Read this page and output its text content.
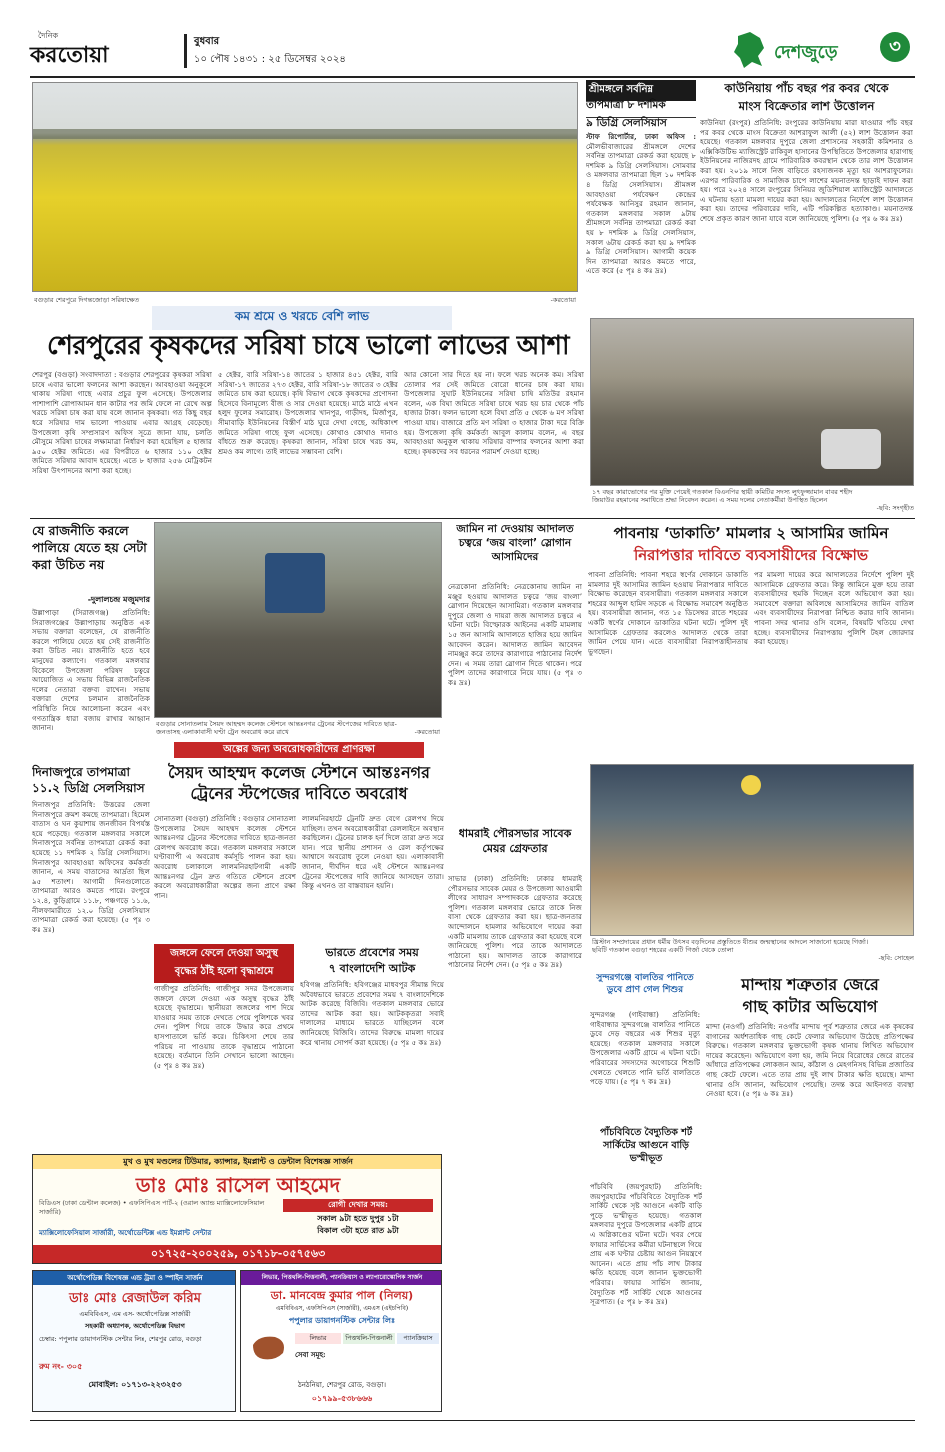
দৈনিক
করতোয়া
বুধবার
১০ পৌষ ১৪৩১ : ২৫ ডিসেম্বর ২০২৪	দেশজুড়ে	৩
বগুড়ার শেরপুরে দিগন্তজোড়া সরিষাক্ষেত	-করতোয়া
শ্রীমঙ্গলে সর্বনিম্ন
তাপমাত্রা ৮ দশমিক
৯ ডিগ্রি সেলসিয়াস
স্টাফ রিপোর্টার, ঢাকা অফিস : মৌলভীবাজারের শ্রীমঙ্গলে দেশের সর্বনিম্ন তাপমাত্রা রেকর্ড করা হয়েছে ৮ দশমিক ৯ ডিগ্রি সেলসিয়াস। সোমবার ও মঙ্গলবার তাপমাত্রা ছিল ১০ দশমিক ৪ ডিগ্রি সেলসিয়াস। শ্রীমঙ্গল আবহাওয়া পর্যবেক্ষণ কেন্দ্রের পর্যবেক্ষক আনিসুর রহমান জানান, গতকাল মঙ্গলবার সকাল ৯টায় শ্রীমঙ্গলে সর্বনিম্ন তাপমাত্রা রেকর্ড করা হয় ৮ দশমিক ৯ ডিগ্রি সেলসিয়াস, সকাল ৬টায় রেকর্ড করা হয় ৯ দশমিক ৯ ডিগ্রি সেলসিয়াস। আগামী কয়েক দিন তাপমাত্রা আরও কমতে পারে, এতে করে (৫ পৃঃ ৪ কঃ দ্রঃ)
কাউনিয়ায় পাঁচ বছর পর কবর থেকে
মাংস বিক্রেতার লাশ উত্তোলন
কাউনিয়া (রংপুর) প্রতিনিধি: রংপুরের কাউনিয়ায় মারা যাওয়ার পাঁচ বছর পর কবর থেকে মাংস বিক্রেতা আশরাফুল আলী (৫২) লাশ উত্তোলন করা হয়েছে। গতকাল মঙ্গলবার দুপুরে জেলা প্রশাসনের সহকারী কমিশনার ও এক্সিকিউটিভ ম্যাজিস্ট্রেট রাকিবুল হাসানের উপস্থিতিতে উপজেলার হারাগাছ ইউনিয়নের নাজিরদহ গ্রামে পারিবারিক কবরস্থান থেকে তার লাশ উত্তোলন করা হয়। ২০১৯ সালে নিজ বাড়িতে রহস্যজনক মৃত্যু হয় আশরাফুলের। এরপর পারিবারিক ও সামাজিক চাপে লাশের ময়নাতদন্ত ছাড়াই দাফন করা হয়। পরে ২০২৪ সালে রংপুরের সিনিয়র জুডিশিয়াল ম্যাজিস্ট্রেট আদালতে এ ঘটনায় হত্যা মামলা দায়ের করা হয়। আদালতের নির্দেশে লাশ উত্তোলন করা হয়। তাদের পরিবারের দাবি, এটি পরিকল্পিত হত্যাকাণ্ড। ময়নাতদন্ত শেষে প্রকৃত কারণ জানা যাবে বলে জানিয়েছে পুলিশ। (৫ পৃঃ ৬ কঃ দ্রঃ)
কম শ্রমে ও খরচে বেশি লাভ
শেরপুরের কৃষকদের সরিষা চাষে ভালো লাভের আশা
শেরপুর (বগুড়া) সংবাদদাতা : বগুড়ার শেরপুরের কৃষকরা সরিষা চাষে এবার ভালো ফলনের আশা করছেন। আবহাওয়া অনুকূলে থাকায় সরিষা গাছে এবার প্রচুর ফুল এসেছে। উপজেলার পাশাপাশি রোপাআমন ধান কাটার পর জমি ফেলে না রেখে অল্প খরচে সরিষা চাষ করা যায় বলে জানান কৃষকরা। গত কিছু বছর ধরে সরিষার দাম ভালো পাওয়ায় এবার আগ্রহ বেড়েছে। উপজেলা কৃষি সম্প্রসারণ অফিস সূত্রে জানা যায়, চলতি মৌসুমে সরিষা চাষের লক্ষ্যমাত্রা নির্ধারণ করা হয়েছিল ৫ হাজার ৯৫০ হেক্টর জমিতে। এর বিপরীতে ৬ হাজার ১১০ হেক্টর জমিতে সরিষার আবাদ হয়েছে। এতে ৮ হাজার ২৫৬ মেট্রিকটন সরিষা উৎপাদনের আশা করা হচ্ছে।
৫ হেক্টর, বারি সরিষা-১৪ জাতের ১ হাজার ৪৫১ হেক্টর, বারি সরিষা-১৭ জাতের ২৭৩ হেক্টর, বারি সরিষা-১৮ জাতের ৩ হেক্টর জমিতে চাষ করা হয়েছে। কৃষি বিভাগ থেকে কৃষকদের প্রণোদনা হিসেবে বিনামূল্যে বীজ ও সার দেওয়া হয়েছে। মাঠে মাঠে এখন হলুদ ফুলের সমারোহ। উপজেলার খানপুর, গাড়ীদহ, মির্জাপুর, সীমাবাড়ি ইউনিয়নের বিস্তীর্ণ মাঠ ঘুরে দেখা গেছে, অধিকাংশ জমিতে সরিষা গাছে ফুল এসেছে। কোথাও কোথাও দানাও বাঁধতে শুরু করেছে। কৃষকরা জানান, সরিষা চাষে খরচ কম, শ্রমও কম লাগে। তাই লাভের সম্ভাবনা বেশি।
আর কোনো সার দিতে হয় না। ফলে খরচ অনেক কম। সরিষা তোলার পর সেই জমিতে বোরো ধানের চাষ করা যায়। উপজেলার সুঘাট ইউনিয়নের সরিষা চাষি মতিউর রহমান বলেন, এক বিঘা জমিতে সরিষা চাষে খরচ হয় চার থেকে পাঁচ হাজার টাকা। ফলন ভালো হলে বিঘা প্রতি ৫ থেকে ৬ মণ সরিষা পাওয়া যায়। বাজারে প্রতি মণ সরিষা ৩ হাজার টাকা দরে বিক্রি হয়। উপজেলা কৃষি কর্মকর্তা আবুল কালাম বলেন, এ বছর আবহাওয়া অনুকূল থাকায় সরিষার বাম্পার ফলনের আশা করা হচ্ছে। কৃষকদের সব ধরনের পরামর্শ দেওয়া হচ্ছে।
১৭ বছর কারাভোগের পর মুক্তি পেয়েই গতকাল বিএনপির স্থায়ী কমিটির সদস্য লুৎফুজ্জামান বাবর শহীদ জিয়াউর রহমানের সমাধিতে শ্রদ্ধা নিবেদন করেন। এ সময় দলের নেতাকর্মীরা উপস্থিত ছিলেন
-ছবি: সংগৃহীত
যে রাজনীতি করলে পালিয়ে যেতে হয় সেটা করা উচিত নয়
-দুলালচন্দ্র মজুমদার
উল্লাপাড়া (সিরাজগঞ্জ) প্রতিনিধি: সিরাজগঞ্জের উল্লাপাড়ায় অনুষ্ঠিত এক সভায় বক্তারা বলেছেন, যে রাজনীতি করলে পালিয়ে যেতে হয় সেই রাজনীতি করা উচিত নয়। রাজনীতি হতে হবে মানুষের কল্যাণে। গতকাল মঙ্গলবার বিকেলে উপজেলা পরিষদ চত্বরে আয়োজিত এ সভায় বিভিন্ন রাজনৈতিক দলের নেতারা বক্তব্য রাখেন। সভায় বক্তারা দেশের চলমান রাজনৈতিক পরিস্থিতি নিয়ে আলোচনা করেন এবং গণতান্ত্রিক ধারা বজায় রাখার আহ্বান জানান।
দিনাজপুরে তাপমাত্রা ১১.২ ডিগ্রি সেলসিয়াস
দিনাজপুর প্রতিনিধি: উত্তরের জেলা দিনাজপুরে ক্রমশ কমছে তাপমাত্রা। হিমেল বাতাস ও ঘন কুয়াশায় জনজীবন বিপর্যস্ত হয়ে পড়েছে। গতকাল মঙ্গলবার সকালে দিনাজপুরে সর্বনিম্ন তাপমাত্রা রেকর্ড করা হয়েছে ১১ দশমিক ২ ডিগ্রি সেলসিয়াস। দিনাজপুর আবহাওয়া অফিসের কর্মকর্তা জানান, এ সময় বাতাসের আর্দ্রতা ছিল ৯৫ শতাংশ। আগামী দিনগুলোতে তাপমাত্রা আরও কমতে পারে। রংপুরে ১২.৪, কুড়িগ্রামে ১১.৮, পঞ্চগড়ে ১১.৬, নীলফামারীতে ১২.০ ডিগ্রি সেলসিয়াস তাপমাত্রা রেকর্ড করা হয়েছে। (৫ পৃঃ ৩ কঃ দ্রঃ)
বগুড়ার সোনাতলায় সৈয়দ আহম্মদ কলেজ স্টেশনে আন্তঃনগর ট্রেনের স্টপেজের দাবিতে ছাত্র-জনতাসহ এলাকাবাসী ঘণ্টা ট্রেন অবরোধ করে রাখে	-করতোয়া
অল্পের জন্য অবরোধকারীদের প্রাণরক্ষা
সৈয়দ আহম্মদ কলেজ স্টেশনে আন্তঃনগর ট্রেনের স্টপেজের দাবিতে অবরোধ
সোনাতলা (বগুড়া) প্রতিনিধি : বগুড়ার সোনাতলা উপজেলার সৈয়দ আহম্মদ কলেজ স্টেশনে আন্তঃনগর ট্রেনের স্টপেজের দাবিতে ছাত্র-জনতা রেলপথ অবরোধ করে। গতকাল মঙ্গলবার সকালে ঘণ্টাব্যাপী এ অবরোধ কর্মসূচি পালন করা হয়। অবরোধ চলাকালে লালমনিরহাটগামী একটি আন্তঃনগর ট্রেন দ্রুত গতিতে স্টেশনে প্রবেশ করলে অবরোধকারীরা অল্পের জন্য প্রাণে রক্ষা পান।
লালমনিরহাটে ট্রেনটি দ্রুত বেগে রেলপথ দিয়ে যাচ্ছিল। তখন অবরোধকারীরা রেললাইনে অবস্থান করছিলেন। ট্রেনের চালক হর্ন দিলে তারা দ্রুত সরে যান। পরে স্থানীয় প্রশাসন ও রেল কর্তৃপক্ষের আশ্বাসে অবরোধ তুলে নেওয়া হয়। এলাকাবাসী জানান, দীর্ঘদিন ধরে এই স্টেশনে আন্তঃনগর ট্রেনের স্টপেজের দাবি জানিয়ে আসছেন তারা। কিন্তু এখনও তা বাস্তবায়ন হয়নি।
জামিন না দেওয়ায় আদালত চত্বরে ‘জয় বাংলা’ স্লোগান আসামিদের
নেত্রকোনা প্রতিনিধি: নেত্রকোনায় জামিন না মঞ্জুর হওয়ায় আদালত চত্বরে ‘জয় বাংলা’ স্লোগান দিয়েছেন আসামিরা। গতকাল মঙ্গলবার দুপুরে জেলা ও দায়রা জজ আদালত চত্বরে এ ঘটনা ঘটে। বিস্ফোরক আইনের একটি মামলায় ১৫ জন আসামি আদালতে হাজির হয়ে জামিন আবেদন করেন। আদালত জামিন আবেদন নামঞ্জুর করে তাদের কারাগারে পাঠানোর নির্দেশ দেন। এ সময় তারা স্লোগান দিতে থাকেন। পরে পুলিশ তাদের কারাগারে নিয়ে যায়। (৫ পৃঃ ৩ কঃ দ্রঃ)
পাবনায় ‘ডাকাতি’ মামলার ২ আসামির জামিন
নিরাপত্তার দাবিতে ব্যবসায়ীদের বিক্ষোভ
পাবনা প্রতিনিধি: পাবনা শহরে স্বর্ণের দোকানে ডাকাতি মামলার দুই আসামির জামিন হওয়ায় নিরাপত্তার দাবিতে বিক্ষোভ করেছেন ব্যবসায়ীরা। গতকাল মঙ্গলবার সকালে শহরের আব্দুল হামিদ সড়কে এ বিক্ষোভ সমাবেশ অনুষ্ঠিত হয়। ব্যবসায়ীরা জানান, গত ১৫ ডিসেম্বর রাতে শহরের একটি স্বর্ণের দোকানে ডাকাতির ঘটনা ঘটে। পুলিশ দুই আসামিকে গ্রেফতার করলেও আদালত থেকে তারা জামিন পেয়ে যান। এতে ব্যবসায়ীরা নিরাপত্তাহীনতায় ভুগছেন।
পর মামলা দায়ের করে আদালতের নির্দেশে পুলিশ দুই আসামিকে গ্রেফতার করে। কিন্তু জামিনে মুক্ত হয়ে তারা ব্যবসায়ীদের হুমকি দিচ্ছেন বলে অভিযোগ করা হয়। সমাবেশে বক্তারা অবিলম্বে আসামিদের জামিন বাতিল এবং ব্যবসায়ীদের নিরাপত্তা নিশ্চিত করার দাবি জানান। পাবনা সদর থানার ওসি বলেন, বিষয়টি খতিয়ে দেখা হচ্ছে। ব্যবসায়ীদের নিরাপত্তায় পুলিশি টহল জোরদার করা হয়েছে।
খ্রিস্টান সম্প্রদায়ের প্রধান ধর্মীয় উৎসব বড়দিনের প্রস্তুতিতে যীশুর জন্মস্থানের আদলে সাজানো হয়েছে গির্জা। ছবিটি গতকাল বগুড়া শহরের একটি গির্জা থেকে তোলা
-ছবি: সোহেল
জঙ্গলে ফেলে দেওয়া অসুস্থ
বৃদ্ধের ঠাঁই হলো বৃদ্ধাশ্রমে
গাজীপুর প্রতিনিধি: গাজীপুর সদর উপজেলায় জঙ্গলে ফেলে দেওয়া এক অসুস্থ বৃদ্ধের ঠাঁই হয়েছে বৃদ্ধাশ্রমে। স্থানীয়রা জঙ্গলের পাশ দিয়ে যাওয়ার সময় তাকে দেখতে পেয়ে পুলিশকে খবর দেন। পুলিশ গিয়ে তাকে উদ্ধার করে প্রথমে হাসপাতালে ভর্তি করে। চিকিৎসা শেষে তার পরিচয় না পাওয়ায় তাকে বৃদ্ধাশ্রমে পাঠানো হয়েছে। বর্তমানে তিনি সেখানে ভালো আছেন। (৫ পৃঃ ৪ কঃ দ্রঃ)
ভারতে প্রবেশের সময়
৭ বাংলাদেশি আটক
হবিগঞ্জ প্রতিনিধি: হবিগঞ্জের মাধবপুর সীমান্ত দিয়ে অবৈধভাবে ভারতে প্রবেশের সময় ৭ বাংলাদেশিকে আটক করেছে বিজিবি। গতকাল মঙ্গলবার ভোরে তাদের আটক করা হয়। আটককৃতরা সবাই দালালের মাধ্যমে ভারতে যাচ্ছিলেন বলে জানিয়েছে বিজিবি। তাদের বিরুদ্ধে মামলা দায়ের করে থানায় সোপর্দ করা হয়েছে। (৫ পৃঃ ৫ কঃ দ্রঃ)
ধামরাই পৌরসভার সাবেক মেয়র গ্রেফতার
সাভার (ঢাকা) প্রতিনিধি: ঢাকার ধামরাই পৌরসভার সাবেক মেয়র ও উপজেলা আওয়ামী লীগের সাধারণ সম্পাদককে গ্রেফতার করেছে পুলিশ। গতকাল মঙ্গলবার ভোরে তাকে নিজ বাসা থেকে গ্রেফতার করা হয়। ছাত্র-জনতার আন্দোলনে হামলার অভিযোগে দায়ের করা একটি মামলায় তাকে গ্রেফতার করা হয়েছে বলে জানিয়েছে পুলিশ। পরে তাকে আদালতে পাঠানো হয়। আদালত তাকে কারাগারে পাঠানোর নির্দেশ দেন। (৫ পৃঃ ৫ কঃ দ্রঃ)
সুন্দরগঞ্জে বালতির পানিতে ডুবে প্রাণ গেল শিশুর
সুন্দরগঞ্জ (গাইবান্ধা) প্রতিনিধি: গাইবান্ধার সুন্দরগঞ্জে বালতির পানিতে ডুবে দেড় বছরের এক শিশুর মৃত্যু হয়েছে। গতকাল মঙ্গলবার সকালে উপজেলার একটি গ্রামে এ ঘটনা ঘটে। পরিবারের সদস্যদের অগোচরে শিশুটি খেলতে খেলতে পানি ভর্তি বালতিতে পড়ে যায়। (৫ পৃঃ ৭ কঃ দ্রঃ)
মান্দায় শত্রুতার জেরে
গাছ কাটার অভিযোগ
মান্দা (নওগাঁ) প্রতিনিধি: নওগাঁর মান্দায় পূর্ব শত্রুতার জেরে এক কৃষকের বাগানের অর্ধশতাধিক গাছ কেটে ফেলার অভিযোগ উঠেছে প্রতিপক্ষের বিরুদ্ধে। গতকাল মঙ্গলবার ভুক্তভোগী কৃষক থানায় লিখিত অভিযোগ দায়ের করেছেন। অভিযোগে বলা হয়, জমি নিয়ে বিরোধের জেরে রাতের আঁধারে প্রতিপক্ষের লোকজন আম, কাঁঠাল ও মেহগনিসহ বিভিন্ন প্রজাতির গাছ কেটে ফেলে। এতে তার প্রায় দুই লাখ টাকার ক্ষতি হয়েছে। মান্দা থানার ওসি জানান, অভিযোগ পেয়েছি। তদন্ত করে আইনগত ব্যবস্থা নেওয়া হবে। (৫ পৃঃ ৬ কঃ দ্রঃ)
পাঁচবিবিতে বৈদ্যুতিক শর্ট সার্কিটের আগুনে বাড়ি ভস্মীভূত
পাঁচবিবি (জয়পুরহাট) প্রতিনিধি: জয়পুরহাটের পাঁচবিবিতে বৈদ্যুতিক শর্ট সার্কিট থেকে সৃষ্ট আগুনে একটি বাড়ি পুড়ে ভস্মীভূত হয়েছে। গতকাল মঙ্গলবার দুপুরে উপজেলার একটি গ্রামে এ অগ্নিকাণ্ডের ঘটনা ঘটে। খবর পেয়ে ফায়ার সার্ভিসের কর্মীরা ঘটনাস্থলে গিয়ে প্রায় এক ঘণ্টার চেষ্টায় আগুন নিয়ন্ত্রণে আনেন। এতে প্রায় পাঁচ লাখ টাকার ক্ষতি হয়েছে বলে জানান ভুক্তভোগী পরিবার। ফায়ার সার্ভিস জানায়, বৈদ্যুতিক শর্ট সার্কিট থেকে আগুনের সূত্রপাত। (৫ পৃঃ ৮ কঃ দ্রঃ)
মুখ ও মুখ মণ্ডলের টিউমার, ক্যান্সার, ইমপ্লান্ট ও ডেন্টাল বিশেষজ্ঞ সার্জন
ডাঃ মোঃ রাসেল আহমেদ
বিডিএস (ঢাকা ডেন্টাল কলেজ) • এফসিপিএস পার্ট-২ (ওরাল অ্যান্ড ম্যাক্সিলোফেসিয়াল সার্জারি)
রোগী দেখার সময়:
সকাল ৯টা হতে দুপুর ১টা
বিকাল ৩টা হতে রাত ৯টা
ম্যাক্সিলোফেসিয়াল সার্জারী, অর্থোডেন্টিক্স এন্ড ইমপ্লান্ট সেন্টার
০১৭২৫-২০০২৫৯, ০১৭১৮-০৫৭৫৬৩
অর্থোপেডিক্স বিশেষজ্ঞ এন্ড ট্রমা ও স্পাইন সার্জন
ডাঃ মোঃ রেজাউল করিম
এমবিবিএস, এম এস- অর্থোপেডিক্স সার্জারী
সহকারী অধ্যাপক, অর্থোপেডিক্স বিভাগ
চেম্বার: পপুলার ডায়াগনস্টিক সেন্টার লিঃ, শেরপুর রোড, বগুড়া
রুম নং- ৩০৫
মোবাইল: ০১৭১৩-২২৩২৫৩
লিভার, পিত্তথলি-পিত্তনালী, প্যানক্রিয়াস ও ল্যাপারোস্কোপিক সার্জন
ডা. মানবেন্দ্র কুমার পাল (নিলয়)
এমবিবিএস, এফসিপিএস (সার্জারী), এমএস (এইচপিবি)
পপুলার ডায়াগনস্টিক সেন্টার লিঃ
লিভার	পিত্তথলি-পিত্তনালী	প্যানক্রিয়াস
সেবা সমূহ:
ঠনঠনিয়া, শেরপুর রোড, বগুড়া।
০১৭৯৯-৫৩৮৬৬৬
